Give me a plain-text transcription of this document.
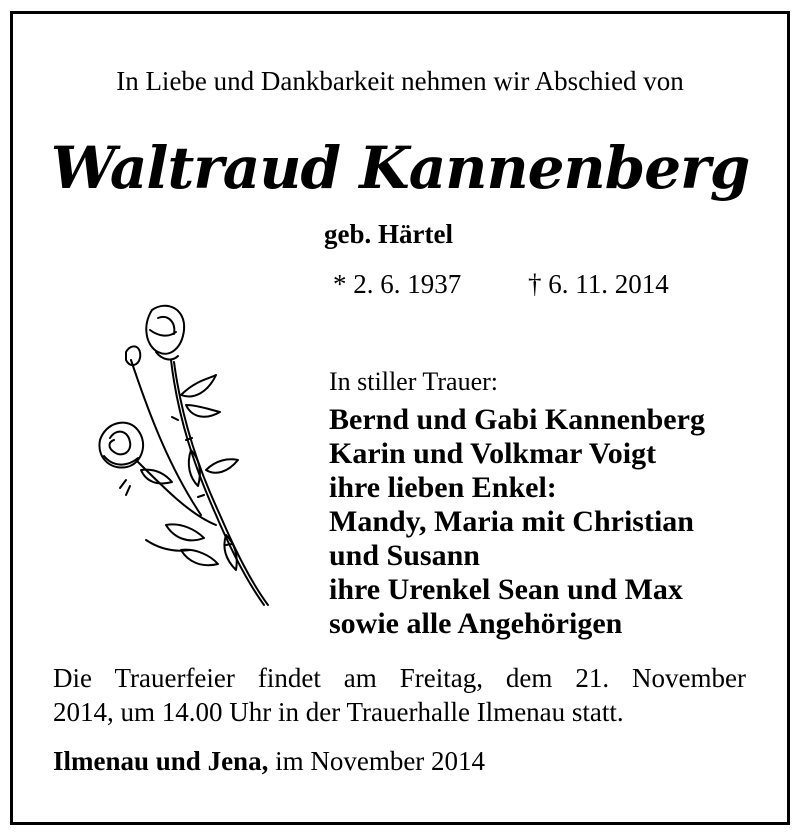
In Liebe und Dankbarkeit nehmen wir Abschied von
Waltraud Kannenberg
geb. Härtel
* 2. 6. 1937 † 6. 11. 2014
In stiller Trauer:
Bernd und Gabi Kannenberg
Karin und Volkmar Voigt
ihre lieben Enkel:
Mandy, Maria mit Christian
und Susann
ihre Urenkel Sean und Max
sowie alle Angehörigen
Die Trauerfeier findet am Freitag, dem 21. November
2014, um 14.00 Uhr in der Trauerhalle Ilmenau statt.
Ilmenau und Jena, im November 2014
